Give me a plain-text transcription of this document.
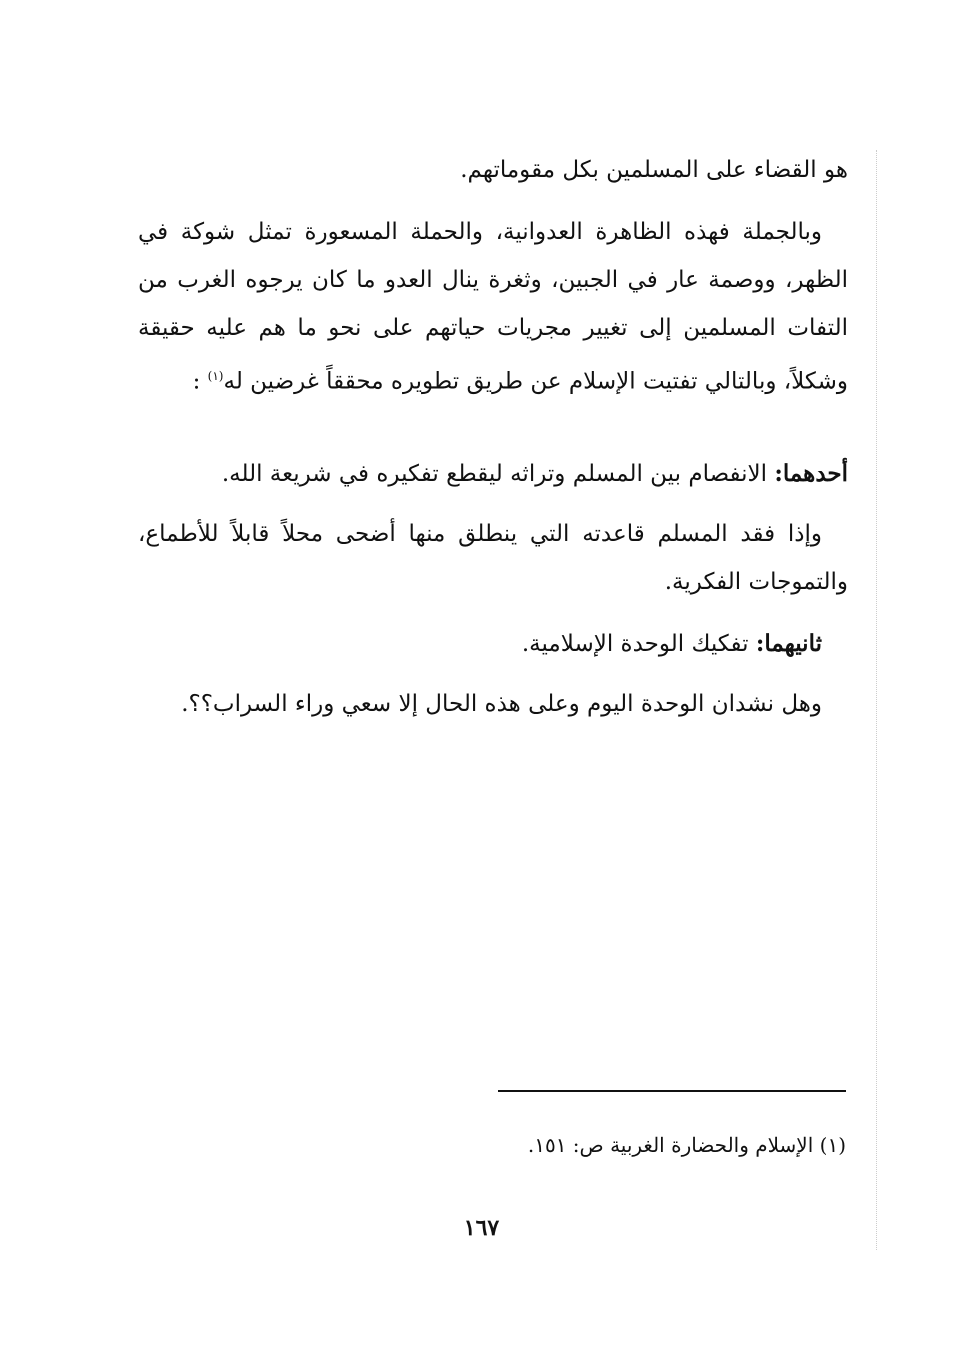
هو القضاء على المسلمين بكل مقوماتهم.

وبالجملة فهذه الظاهرة العدوانية، والحملة المسعورة تمثل شوكة في الظهر، ووصمة عار في الجبين، وثغرة ينال العدو ما كان يرجوه الغرب من التفات المسلمين إلى تغيير مجريات حياتهم على نحو ما هم عليه حقيقة وشكلاً، وبالتالي تفتيت الإسلام عن طريق تطويره محققاً غرضين له$^{(١)}$ :

أحدهما: الانفصام بين المسلم وتراثه ليقطع تفكيره في شريعة الله.

وإذا فقد المسلم قاعدته التي ينطلق منها أضحى محلاً قابلاً للأطماع، والتموجات الفكرية.

ثانيهما: تفكيك الوحدة الإسلامية.

وهل نشدان الوحدة اليوم وعلى هذه الحال إلا سعي وراء السراب؟؟.

(١) الإسلام والحضارة الغربية ص: ١٥١.
١٦٧
